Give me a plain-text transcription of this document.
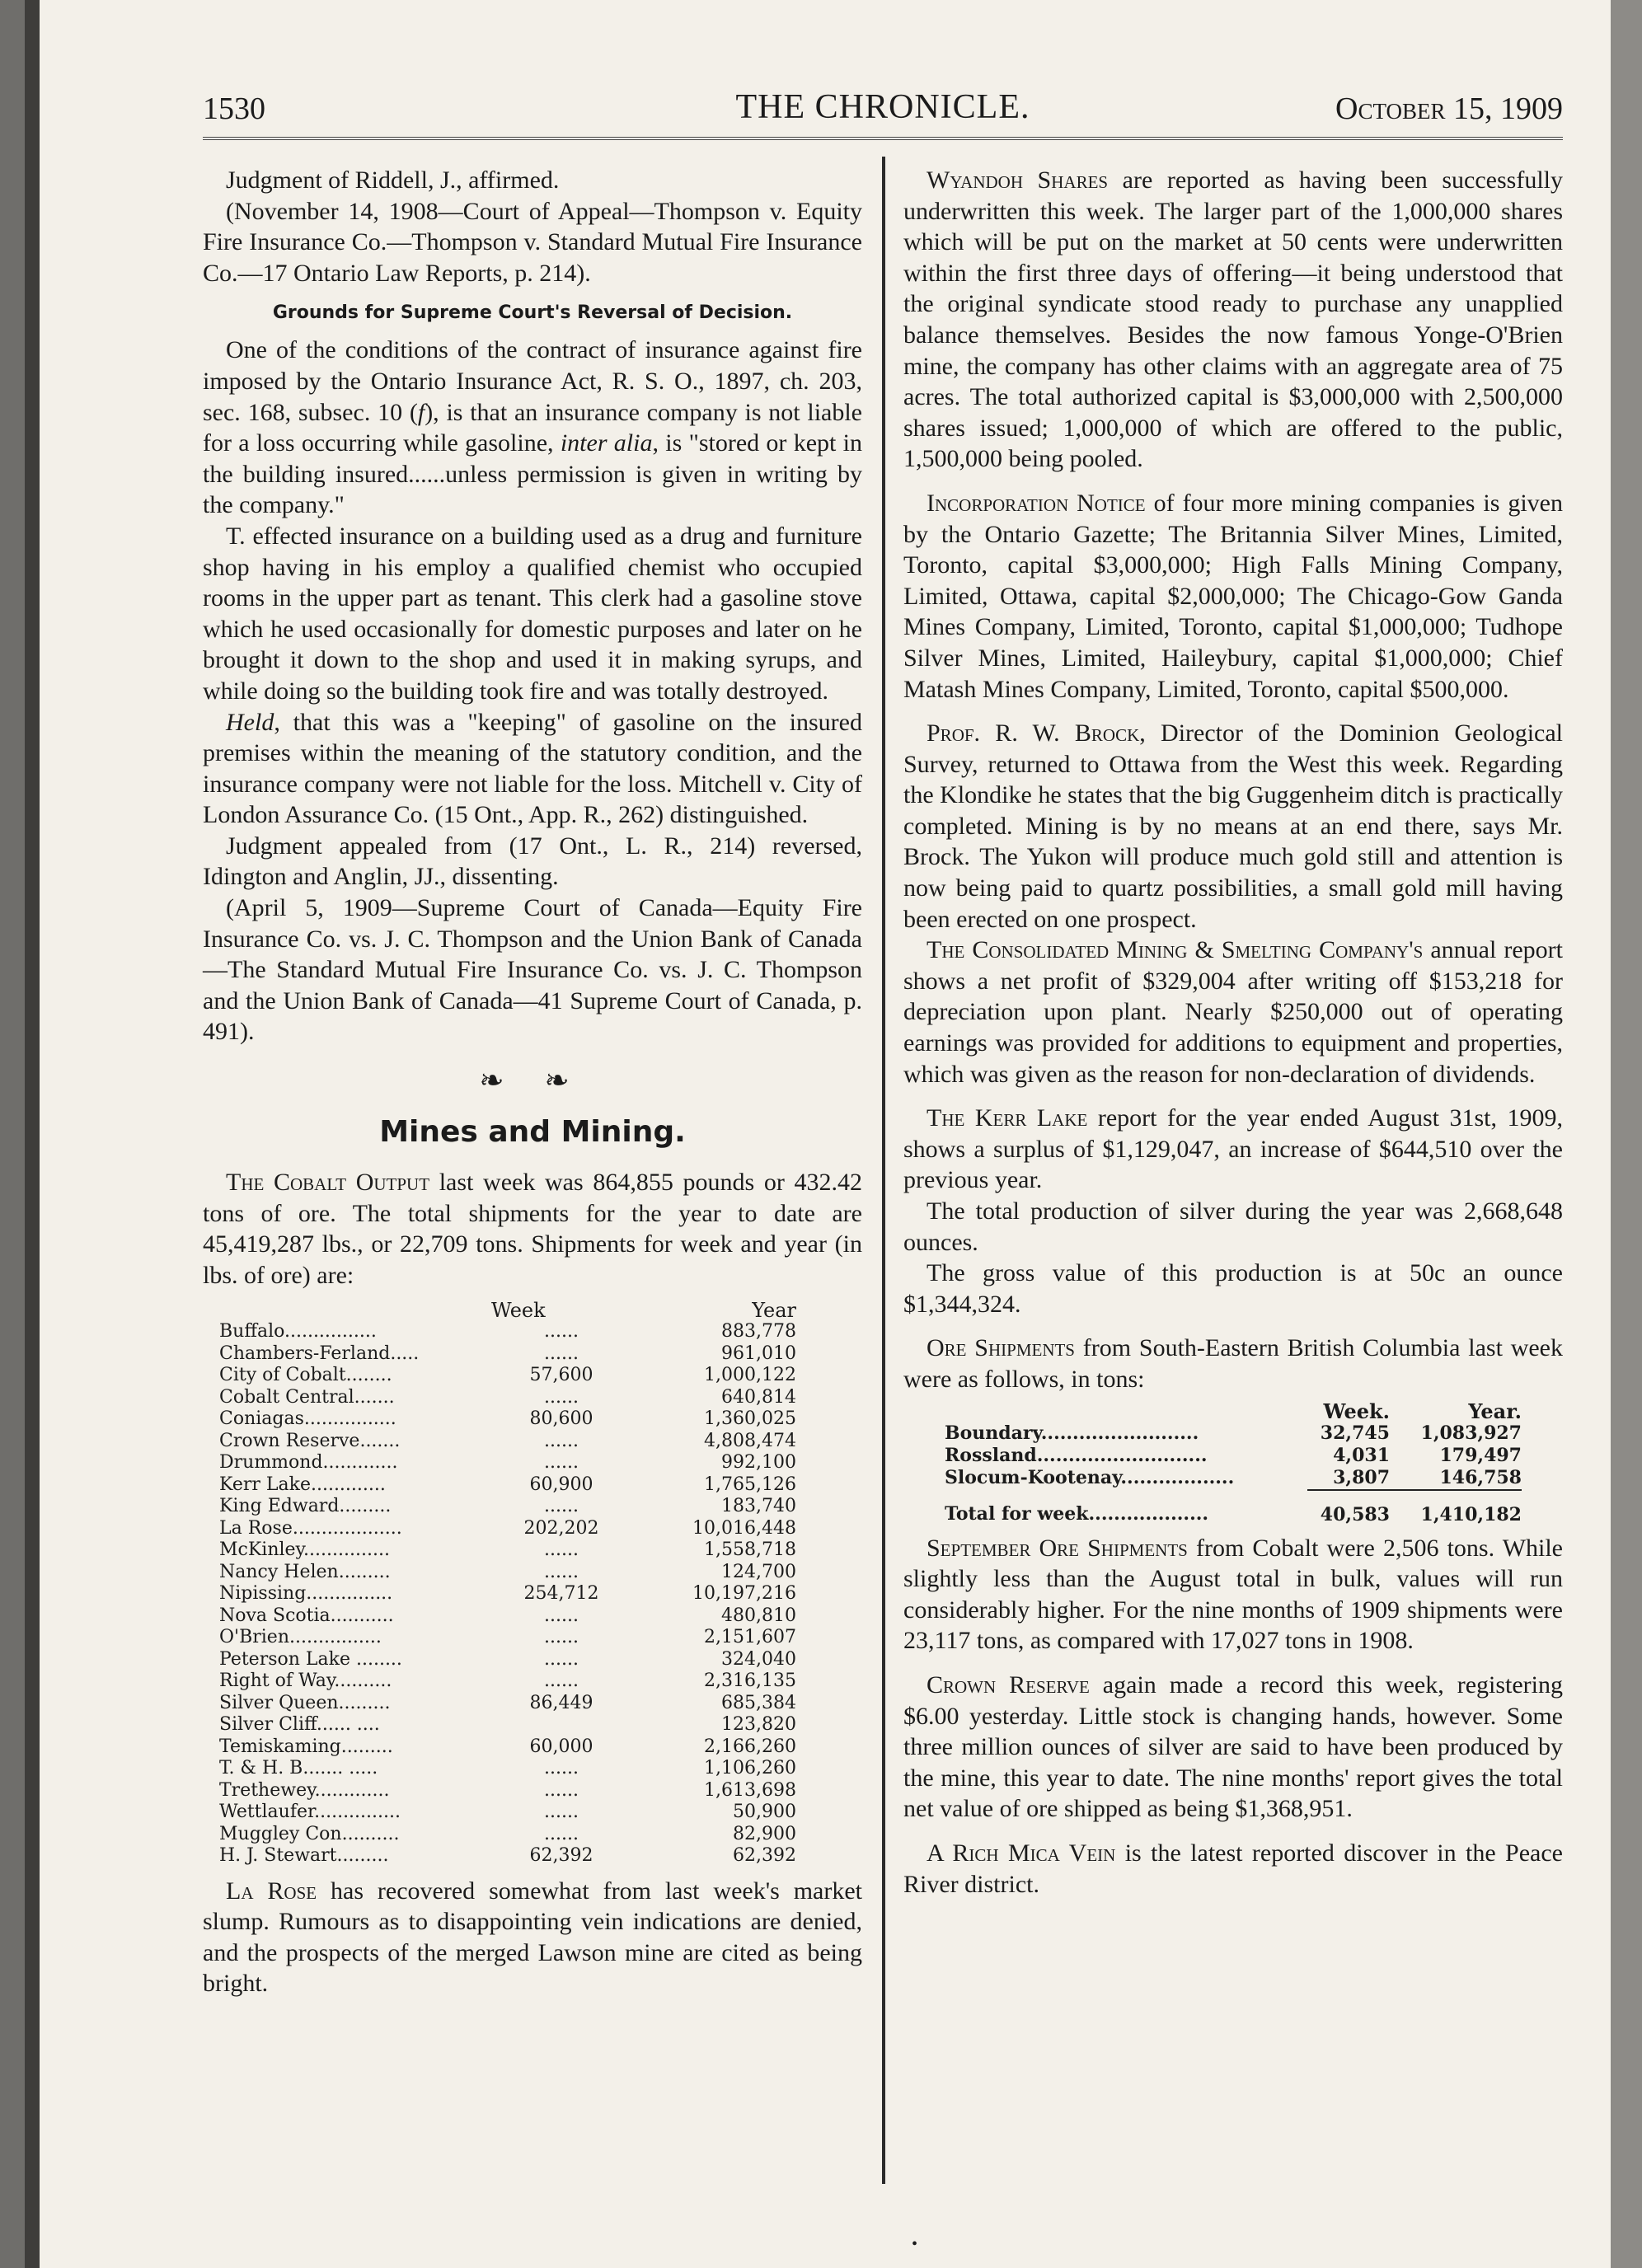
THE CHRONICLE.
1530	October 15, 1909

Judgment of Riddell, J., affirmed.

(November 14, 1908—Court of Appeal—Thompson v. Equity Fire Insurance Co.—Thompson v. Standard Mutual Fire Insurance Co.—17 Ontario Law Reports, p. 214).

Grounds for Supreme Court's Reversal of Decision.

One of the conditions of the contract of insurance against fire imposed by the Ontario Insurance Act, R. S. O., 1897, ch. 203, sec. 168, subsec. 10 (f), is that an insurance company is not liable for a loss occurring while gasoline, inter alia, is "stored or kept in the building insured......unless permission is given in writing by the company."

T. effected insurance on a building used as a drug and furniture shop having in his employ a qualified chemist who occupied rooms in the upper part as tenant. This clerk had a gasoline stove which he used occasionally for domestic purposes and later on he brought it down to the shop and used it in making syrups, and while doing so the building took fire and was totally destroyed.

Held, that this was a "keeping" of gasoline on the insured premises within the meaning of the statutory condition, and the insurance company were not liable for the loss. Mitchell v. City of London Assurance Co. (15 Ont., App. R., 262) distinguished.

Judgment appealed from (17 Ont., L. R., 214) reversed, Idington and Anglin, JJ., dissenting.

(April 5, 1909—Supreme Court of Canada—Equity Fire Insurance Co. vs. J. C. Thompson and the Union Bank of Canada—The Standard Mutual Fire Insurance Co. vs. J. C. Thompson and the Union Bank of Canada—41 Supreme Court of Canada, p. 491).

❧ ❧
Mines and Mining.

The Cobalt Output last week was 864,855 pounds or 432.42 tons of ore. The total shipments for the year to date are 45,419,287 lbs., or 22,709 tons. Shipments for week and year (in lbs. of ore) are:

	Week	Year
Buffalo................	......	883,778
Chambers-Ferland.....	......	961,010
City of Cobalt........	57,600	1,000,122
Cobalt Central.......	......	640,814
Coniagas................	80,600	1,360,025
Crown Reserve.......	......	4,808,474
Drummond.............	......	992,100
Kerr Lake.............	60,900	1,765,126
King Edward.........	......	183,740
La Rose...................	202,202	10,016,448
McKinley...............	......	1,558,718
Nancy Helen.........	......	124,700
Nipissing...............	254,712	10,197,216
Nova Scotia...........	......	480,810
O'Brien................	......	2,151,607
Peterson Lake ........	......	324,040
Right of Way..........	......	2,316,135
Silver Queen.........	86,449	685,384
Silver Cliff...... ....		123,820
Temiskaming.........	60,000	2,166,260
T. & H. B....... .....	......	1,106,260
Trethewey.............	......	1,613,698
Wettlaufer...............	......	50,900
Muggley Con..........	......	82,900
H. J. Stewart.........	62,392	62,392

La Rose has recovered somewhat from last week's market slump. Rumours as to disappointing vein indications are denied, and the prospects of the merged Lawson mine are cited as being bright.

Wyandoh Shares are reported as having been successfully underwritten this week. The larger part of the 1,000,000 shares which will be put on the market at 50 cents were underwritten within the first three days of offering—it being understood that the original syndicate stood ready to purchase any unapplied balance themselves. Besides the now famous Yonge-O'Brien mine, the company has other claims with an aggregate area of 75 acres. The total authorized capital is $3,000,000 with 2,500,000 shares issued; 1,000,000 of which are offered to the public, 1,500,000 being pooled.

Incorporation Notice of four more mining companies is given by the Ontario Gazette; The Britannia Silver Mines, Limited, Toronto, capital $3,000,000; High Falls Mining Company, Limited, Ottawa, capital $2,000,000; The Chicago-Gow Ganda Mines Company, Limited, Toronto, capital $1,000,000; Tudhope Silver Mines, Limited, Haileybury, capital $1,000,000; Chief Matash Mines Company, Limited, Toronto, capital $500,000.

Prof. R. W. Brock, Director of the Dominion Geological Survey, returned to Ottawa from the West this week. Regarding the Klondike he states that the big Guggenheim ditch is practically completed. Mining is by no means at an end there, says Mr. Brock. The Yukon will produce much gold still and attention is now being paid to quartz possibilities, a small gold mill having been erected on one prospect.

The Consolidated Mining & Smelting Company's annual report shows a net profit of $329,004 after writing off $153,218 for depreciation upon plant. Nearly $250,000 out of operating earnings was provided for additions to equipment and properties, which was given as the reason for non-declaration of dividends.

The Kerr Lake report for the year ended August 31st, 1909, shows a surplus of $1,129,047, an increase of $644,510 over the previous year.

The total production of silver during the year was 2,668,648 ounces.

The gross value of this production is at 50c an ounce $1,344,324.

Ore Shipments from South-Eastern British Columbia last week were as follows, in tons:

	Week.	Year.
Boundary.........................	32,745	1,083,927
Rossland...........................	4,031	179,497
Slocum-Kootenay..................	3,807	146,758
Total for week...................	40,583	1,410,182

September Ore Shipments from Cobalt were 2,506 tons. While slightly less than the August total in bulk, values will run considerably higher. For the nine months of 1909 shipments were 23,117 tons, as compared with 17,027 tons in 1908.

Crown Reserve again made a record this week, registering $6.00 yesterday. Little stock is changing hands, however. Some three million ounces of silver are said to have been produced by the mine, this year to date. The nine months' report gives the total net value of ore shipped as being $1,368,951.

A Rich Mica Vein is the latest reported discover in the Peace River district.

•
